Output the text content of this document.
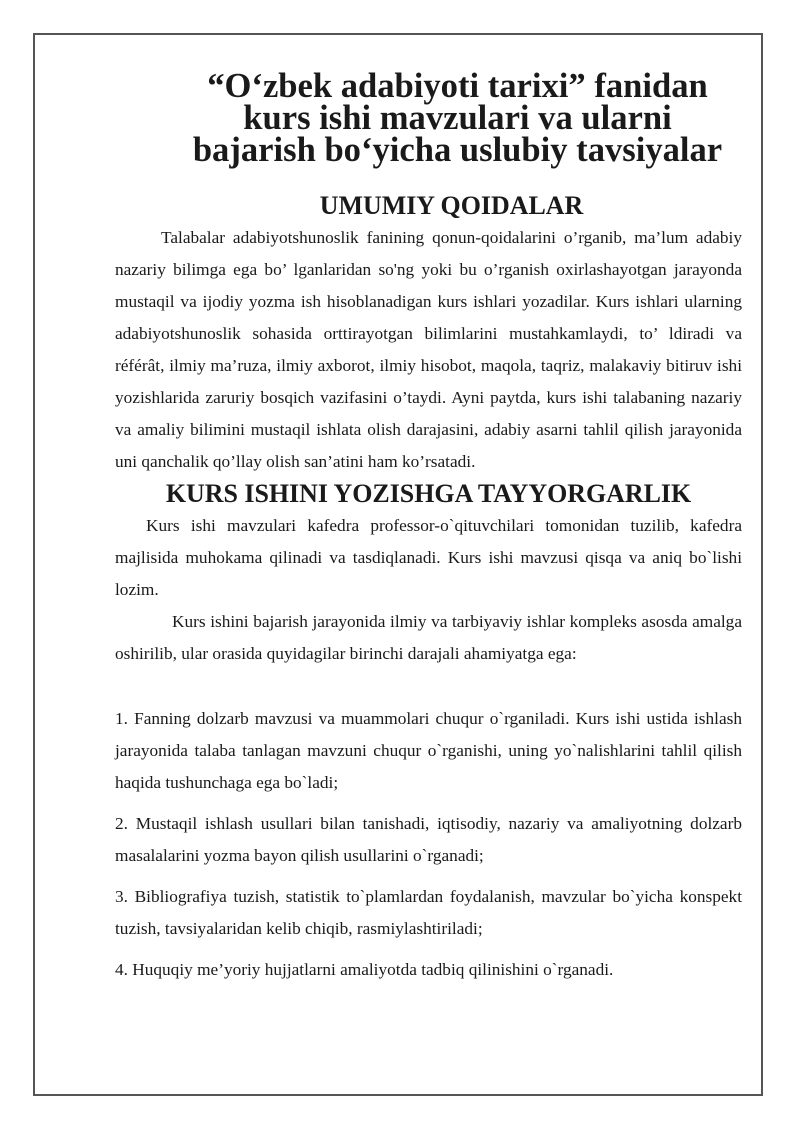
“O‘zbek adabiyoti tarixi” fanidan kurs ishi mavzulari va ularni
bajarish bo‘yicha uslubiy tavsiyalar
UMUMIY QOIDALAR

Talabalar adabiyotshunoslik fanining qonun-qoidalarini o’rganib, ma’lum adabiy nazariy bilimga ega bo’ lganlaridan so'ng yoki bu o’rganish oxirlashayotgan jarayonda mustaqil va ijodiy yozma ish hisoblanadigan kurs ishlari yozadilar. Kurs ishlari ularning adabiyotshunoslik sohasida orttirayotgan bilimlarini mustahkamlaydi, to’ ldiradi va référât, ilmiy ma’ruza, ilmiy axborot, ilmiy hisobot, maqola, taqriz, malakaviy bitiruv ishi yozishlarida zaruriy bosqich vazifasini o’taydi. Ayni paytda, kurs ishi talabaning nazariy va amaliy bilimini mustaqil ishlata olish darajasini, adabiy asarni tahlil qilish jarayonida uni qanchalik qo’llay olish san’atini ham ko’rsatadi.

KURS ISHINI YOZISHGA TAYYORGARLIK

Kurs ishi mavzulari kafedra professor-o`qituvchilari tomonidan tuzilib, kafedra majlisida muhokama qilinadi va tasdiqlanadi. Kurs ishi mavzusi qisqa va aniq bo`lishi lozim.

Kurs ishini bajarish jarayonida ilmiy va tarbiyaviy ishlar kompleks asosda amalga oshirilib, ular orasida quyidagilar birinchi darajali ahamiyatga ega:

1. Fanning dolzarb mavzusi va muammolari chuqur o`rganiladi. Kurs ishi ustida ishlash jarayonida talaba tanlagan mavzuni chuqur o`rganishi, uning yo`nalishlarini tahlil qilish haqida tushunchaga ega bo`ladi;

2. Mustaqil ishlash usullari bilan tanishadi, iqtisodiy, nazariy va amaliyotning dolzarb masalalarini yozma bayon qilish usullarini o`rganadi;

3. Bibliografiya tuzish, statistik to`plamlardan foydalanish, mavzular bo`yicha konspekt tuzish, tavsiyalaridan kelib chiqib, rasmiylashtiriladi;

4. Huquqiy me’yoriy hujjatlarni amaliyotda tadbiq qilinishini o`rganadi.
